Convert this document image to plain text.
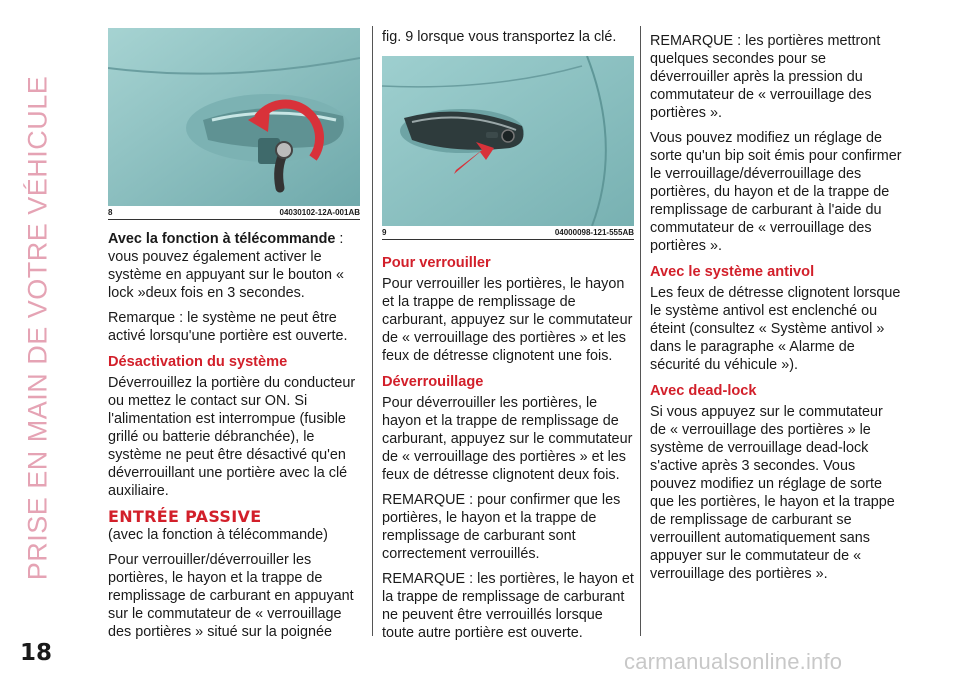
PRISE EN MAIN DE VOTRE VÉHICULE	8	04030102-12A-001AB

Avec la fonction à télécommande : vous pouvez également activer le système en appuyant sur le bouton « lock »deux fois en 3 secondes.

Remarque : le système ne peut être activé lorsqu'une portière est ouverte.

Désactivation du système

Déverrouillez la portière du conducteur ou mettez le contact sur ON. Si l'alimentation est interrompue (fusible grillé ou batterie débranchée), le système ne peut être désactivé qu'en déverrouillant une portière avec la clé auxiliaire.

ENTRÉE PASSIVE

(avec la fonction à télécommande)

Pour verrouiller/déverrouiller les portières, le hayon et la trappe de remplissage de carburant en appuyant sur le commutateur de « verrouillage des portières » situé sur la poignée

fig. 9 lorsque vous transportez la clé.

9	04000098-121-555AB
Pour verrouiller

Pour verrouiller les portières, le hayon et la trappe de remplissage de carburant, appuyez sur le commutateur de « verrouillage des portières » et les feux de détresse clignotent une fois.

Déverrouillage

Pour déverrouiller les portières, le hayon et la trappe de remplissage de carburant, appuyez sur le commutateur de « verrouillage des portières » et les feux de détresse clignotent deux fois.

REMARQUE : pour confirmer que les portières, le hayon et la trappe de remplissage de carburant sont correctement verrouillés.

REMARQUE : les portières, le hayon et la trappe de remplissage de carburant ne peuvent être verrouillés lorsque toute autre portière est ouverte.

REMARQUE : les portières mettront quelques secondes pour se déverrouiller après la pression du commutateur de « verrouillage des portières ».

Vous pouvez modifiez un réglage de sorte qu'un bip soit émis pour confirmer le verrouillage/déverrouillage des portières, du hayon et de la trappe de remplissage de carburant à l'aide du commutateur de « verrouillage des portières ».

Avec le système antivol

Les feux de détresse clignotent lorsque le système antivol est enclenché ou éteint (consultez « Système antivol » dans le paragraphe « Alarme de sécurité du véhicule »).

Avec dead-lock

Si vous appuyez sur le commutateur de « verrouillage des portières » le système de verrouillage dead-lock s'active après 3 secondes. Vous pouvez modifiez un réglage de sorte que les portières, le hayon et la trappe de remplissage de carburant se verrouillent automatiquement sans appuyer sur le commutateur de « verrouillage des portières ».

18	carmanualsonline.info
